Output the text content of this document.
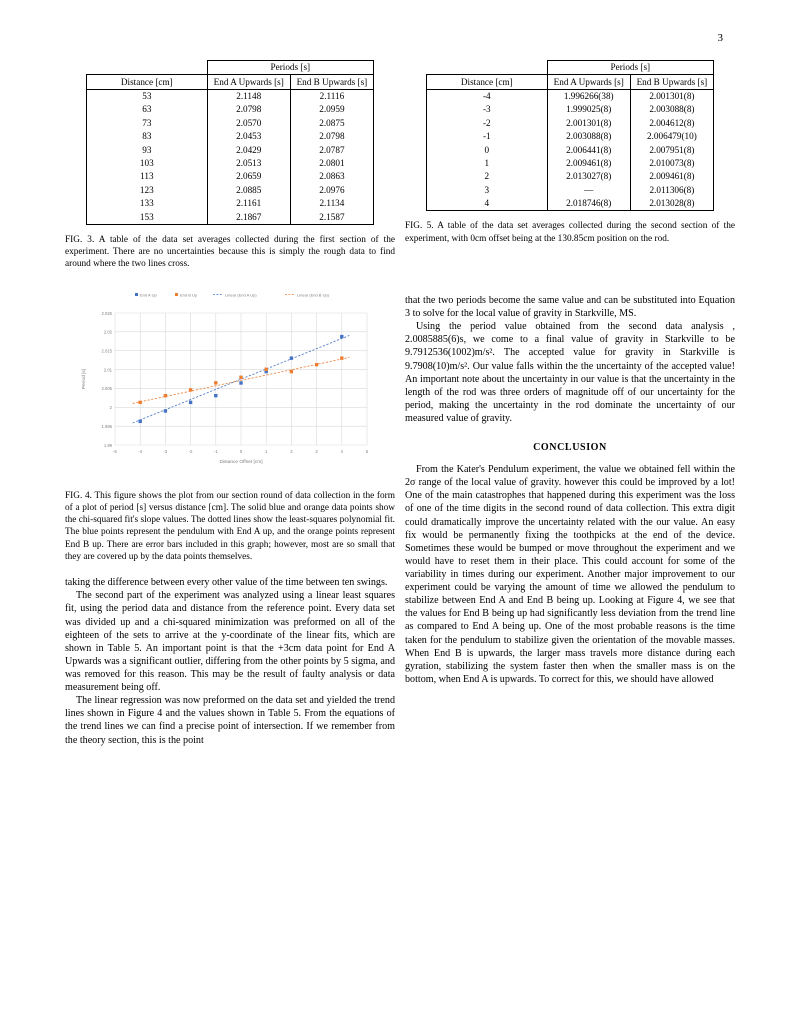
3
	Periods [s]	
Distance [cm]	End A Upwards [s]	End B Upwards [s]
53	2.1148	2.1116
63	2.0798	2.0959
73	2.0570	2.0875
83	2.0453	2.0798
93	2.0429	2.0787
103	2.0513	2.0801
113	2.0659	2.0863
123	2.0885	2.0976
133	2.1161	2.1134
153	2.1867	2.1587
FIG. 3. A table of the data set averages collected during the first section of the experiment. There are no uncertainties because this is simply the rough data to find around where the two lines cross.
End A Up	End B Up	Linear (End A Up)	Linear (End B Up)
1.99
1.995
2
2.005
2.01
2.015
2.02
2.025
-5	-4	-3	-2	-1	0	1	2	3	4	5
Distance Offset [cm]
Period [s]
FIG. 4. This figure shows the plot from our section round of data collection in the form of a plot of period [s] versus distance [cm]. The solid blue and orange data points show the chi-squared fit's slope values. The dotted lines show the least-squares polynomial fit. The blue points represent the pendulum with End A up, and the orange points represent End B up. There are error bars included in this graph; however, most are so small that they are covered up by the data points themselves.

taking the difference between every other value of the time between ten swings.

The second part of the experiment was analyzed using a linear least squares fit, using the period data and distance from the reference point. Every data set was divided up and a chi-squared minimization was preformed on all of the eighteen of the sets to arrive at the y-coordinate of the linear fits, which are shown in Table 5. An important point is that the +3cm data point for End A Upwards was a significant outlier, differing from the other points by 5 sigma, and was removed for this reason. This may be the result of faulty analysis or data measurement being off.

The linear regression was now preformed on the data set and yielded the trend lines shown in Figure 4 and the values shown in Table 5. From the equations of the trend lines we can find a precise point of intersection. If we remember from the theory section, this is the point

	Periods [s]	
Distance [cm]	End A Upwards [s]	End B Upwards [s]
-4	1.996266(38)	2.001301(8)
-3	1.999025(8)	2.003088(8)
-2	2.001301(8)	2.004612(8)
-1	2.003088(8)	2.006479(10)
0	2.006441(8)	2.007951(8)
1	2.009461(8)	2.010073(8)
2	2.013027(8)	2.009461(8)
3	—	2.011306(8)
4	2.018746(8)	2.013028(8)
FIG. 5. A table of the data set averages collected during the second section of the experiment, with 0cm offset being at the 130.85cm position on the rod.

that the two periods become the same value and can be substituted into Equation 3 to solve for the local value of gravity in Starkville, MS.

Using the period value obtained from the second data analysis , 2.0085885(6)s, we come to a final value of gravity in Starkville to be 9.7912536(1002)m/s². The accepted value for gravity in Starkville is 9.7908(10)m/s². Our value falls within the the uncertainty of the accepted value! An important note about the uncertainty in our value is that the uncertainty in the length of the rod was three orders of magnitude off of our uncertainty for the period, making the uncertainty in the rod dominate the uncertainty of our measured value of gravity.

CONCLUSION

From the Kater's Pendulum experiment, the value we obtained fell within the 2σ range of the local value of gravity. however this could be improved by a lot! One of the main catastrophes that happened during this experiment was the loss of one of the time digits in the second round of data collection. This extra digit could dramatically improve the uncertainty related with the our value. An easy fix would be permanently fixing the toothpicks at the end of the device. Sometimes these would be bumped or move throughout the experiment and we would have to reset them in their place. This could account for some of the variability in times during our experiment. Another major improvement to our experiment could be varying the amount of time we allowed the pendulum to stabilize between End A and End B being up. Looking at Figure 4, we see that the values for End B being up had significantly less deviation from the trend line as compared to End A being up. One of the most probable reasons is the time taken for the pendulum to stabilize given the orientation of the movable masses. When End B is upwards, the larger mass travels more distance during each gyration, stabilizing the system faster then when the smaller mass is on the bottom, when End A is upwards. To correct for this, we should have allowed
